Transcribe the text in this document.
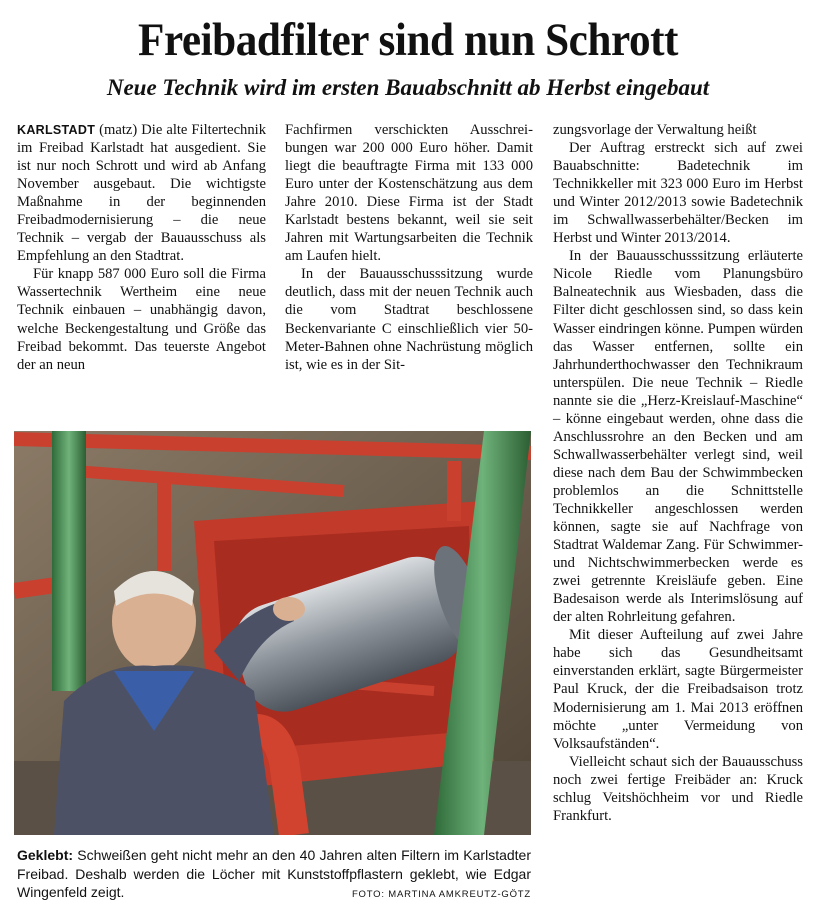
Freibadfilter sind nun Schrott
Neue Technik wird im ersten Bauabschnitt ab Herbst eingebaut

KARLSTADT (matz) Die alte Filtertechnik im Freibad Karlstadt hat ausgedient. Sie ist nur noch Schrott und wird ab Anfang November ausgebaut. Die wichtigste Maßnahme in der beginnenden Freibadmodernisierung – die neue Technik – vergab der Bauausschuss als Empfehlung an den Stadtrat.

Für knapp 587 000 Euro soll die Firma Wassertechnik Wertheim eine neue Technik einbauen – unabhängig davon, welche Beckengestaltung und Größe das Freibad bekommt. Das teuerste Angebot der an neun

Fachfirmen verschickten Ausschreibungen war 200 000 Euro höher. Damit liegt die beauftragte Firma mit 133 000 Euro unter der Kostenschätzung aus dem Jahre 2010. Diese Firma ist der Stadt Karlstadt bestens bekannt, weil sie seit Jahren mit Wartungsarbeiten die Technik am Laufen hielt.

In der Bauausschusssitzung wurde deutlich, dass mit der neuen Technik auch die vom Stadtrat beschlossene Beckenvariante C einschließlich vier 50-Meter-Bahnen ohne Nachrüstung möglich ist, wie es in der Sit-

zungsvorlage der Verwaltung heißt

Der Auftrag erstreckt sich auf zwei Bauabschnitte: Badetechnik im Technikkeller mit 323 000 Euro im Herbst und Winter 2012/2013 sowie Badetechnik im Schwallwasserbehälter/Becken im Herbst und Winter 2013/2014.

In der Bauausschusssitzung erläuterte Nicole Riedle vom Planungsbüro Balneatechnik aus Wiesbaden, dass die Filter dicht geschlossen sind, so dass kein Wasser eindringen könne. Pumpen würden das Wasser entfernen, sollte ein Jahrhunderthochwasser den Technikraum unterspülen. Die neue Technik – Riedle nannte sie die „Herz-Kreislauf-Maschine“ – könne eingebaut werden, ohne dass die Anschlussrohre an den Becken und am Schwallwasserbehälter verlegt sind, weil diese nach dem Bau der Schwimmbecken problemlos an die Schnittstelle Technikkeller angeschlossen werden können, sagte sie auf Nachfrage von Stadtrat Waldemar Zang. Für Schwimmer- und Nichtschwimmerbecken werde es zwei getrennte Kreisläufe geben. Eine Badesaison werde als Interimslösung auf der alten Rohrleitung gefahren.

Mit dieser Aufteilung auf zwei Jahre habe sich das Gesundheitsamt einverstanden erklärt, sagte Bürgermeister Paul Kruck, der die Freibadsaison trotz Modernisierung am 1. Mai 2013 eröffnen möchte „unter Vermeidung von Volksaufständen“.

Vielleicht schaut sich der Bauausschuss noch zwei fertige Freibäder an: Kruck schlug Veitshöchheim vor und Riedle Frankfurt.

Geklebt: Schweißen geht nicht mehr an den 40 Jahren alten Filtern im Karlstadter Freibad. Deshalb werden die Löcher mit Kunststoffpflastern geklebt, wie Edgar Wingenfeld zeigt.	FOTO: MARTINA AMKREUTZ-GÖTZ
